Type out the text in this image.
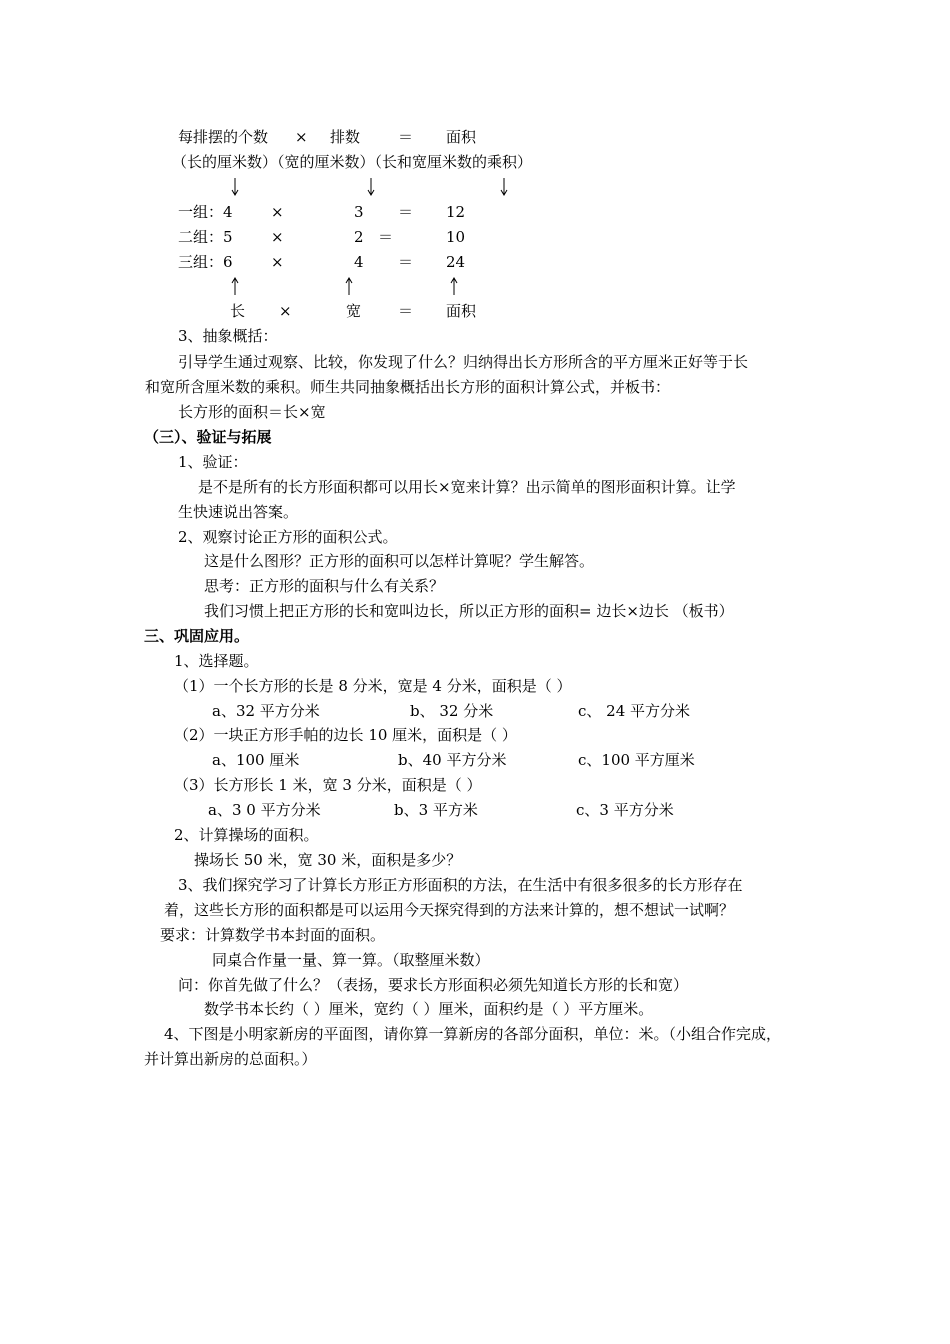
每排摆的个数 × 排数	＝ 面积
（长的厘米数）（宽的厘米数）（长和宽厘米数的乘积）
一组：4	×	3 ＝ 12
二组：5	×	2 ＝	10
三组：6	×	4 ＝ 24
长 ×	宽 ＝ 面积
3、抽象概括：
引导学生通过观察、比较，你发现了什么？归纳得出长方形所含的平方厘米正好等于长
和宽所含厘米数的乘积。师生共同抽象概括出长方形的面积计算公式，并板书：
长方形的面积＝长×宽
（三）、验证与拓展
1、验证：
是不是所有的长方形面积都可以用长×宽来计算？出示简单的图形面积计算。让学
生快速说出答案。
2、观察讨论正方形的面积公式。
这是什么图形？正方形的面积可以怎样计算呢？学生解答。
思考：正方形的面积与什么有关系？
我们习惯上把正方形的长和宽叫边长，所以正方形的面积= 边长×边长 （板书）
三、巩固应用。
1、选择题。
（1）一个长方形的长是 8 分米，宽是 4 分米，面积是（ ）
a、32 平方分米	b、 32 分米	c、 24 平方分米
（2）一块正方形手帕的边长 10 厘米，面积是（ ）
a、100 厘米	b、40 平方分米	c、100 平方厘米
（3）长方形长 1 米，宽 3 分米，面积是（ ）
a、3 0 平方分米	b、3 平方米	c、3 平方分米
2、计算操场的面积。
操场长 50 米，宽 30 米，面积是多少？
3、我们探究学习了计算长方形正方形面积的方法，在生活中有很多很多的长方形存在
着，这些长方形的面积都是可以运用今天探究得到的方法来计算的，想不想试一试啊？
要求：计算数学书本封面的面积。
同桌合作量一量、算一算。（取整厘米数）
问：你首先做了什么？（表扬，要求长方形面积必须先知道长方形的长和宽）
数学书本长约（ ）厘米，宽约（ ）厘米，面积约是（ ）平方厘米。
4、下图是小明家新房的平面图，请你算一算新房的各部分面积，单位：米。（小组合作完成，
并计算出新房的总面积。）
